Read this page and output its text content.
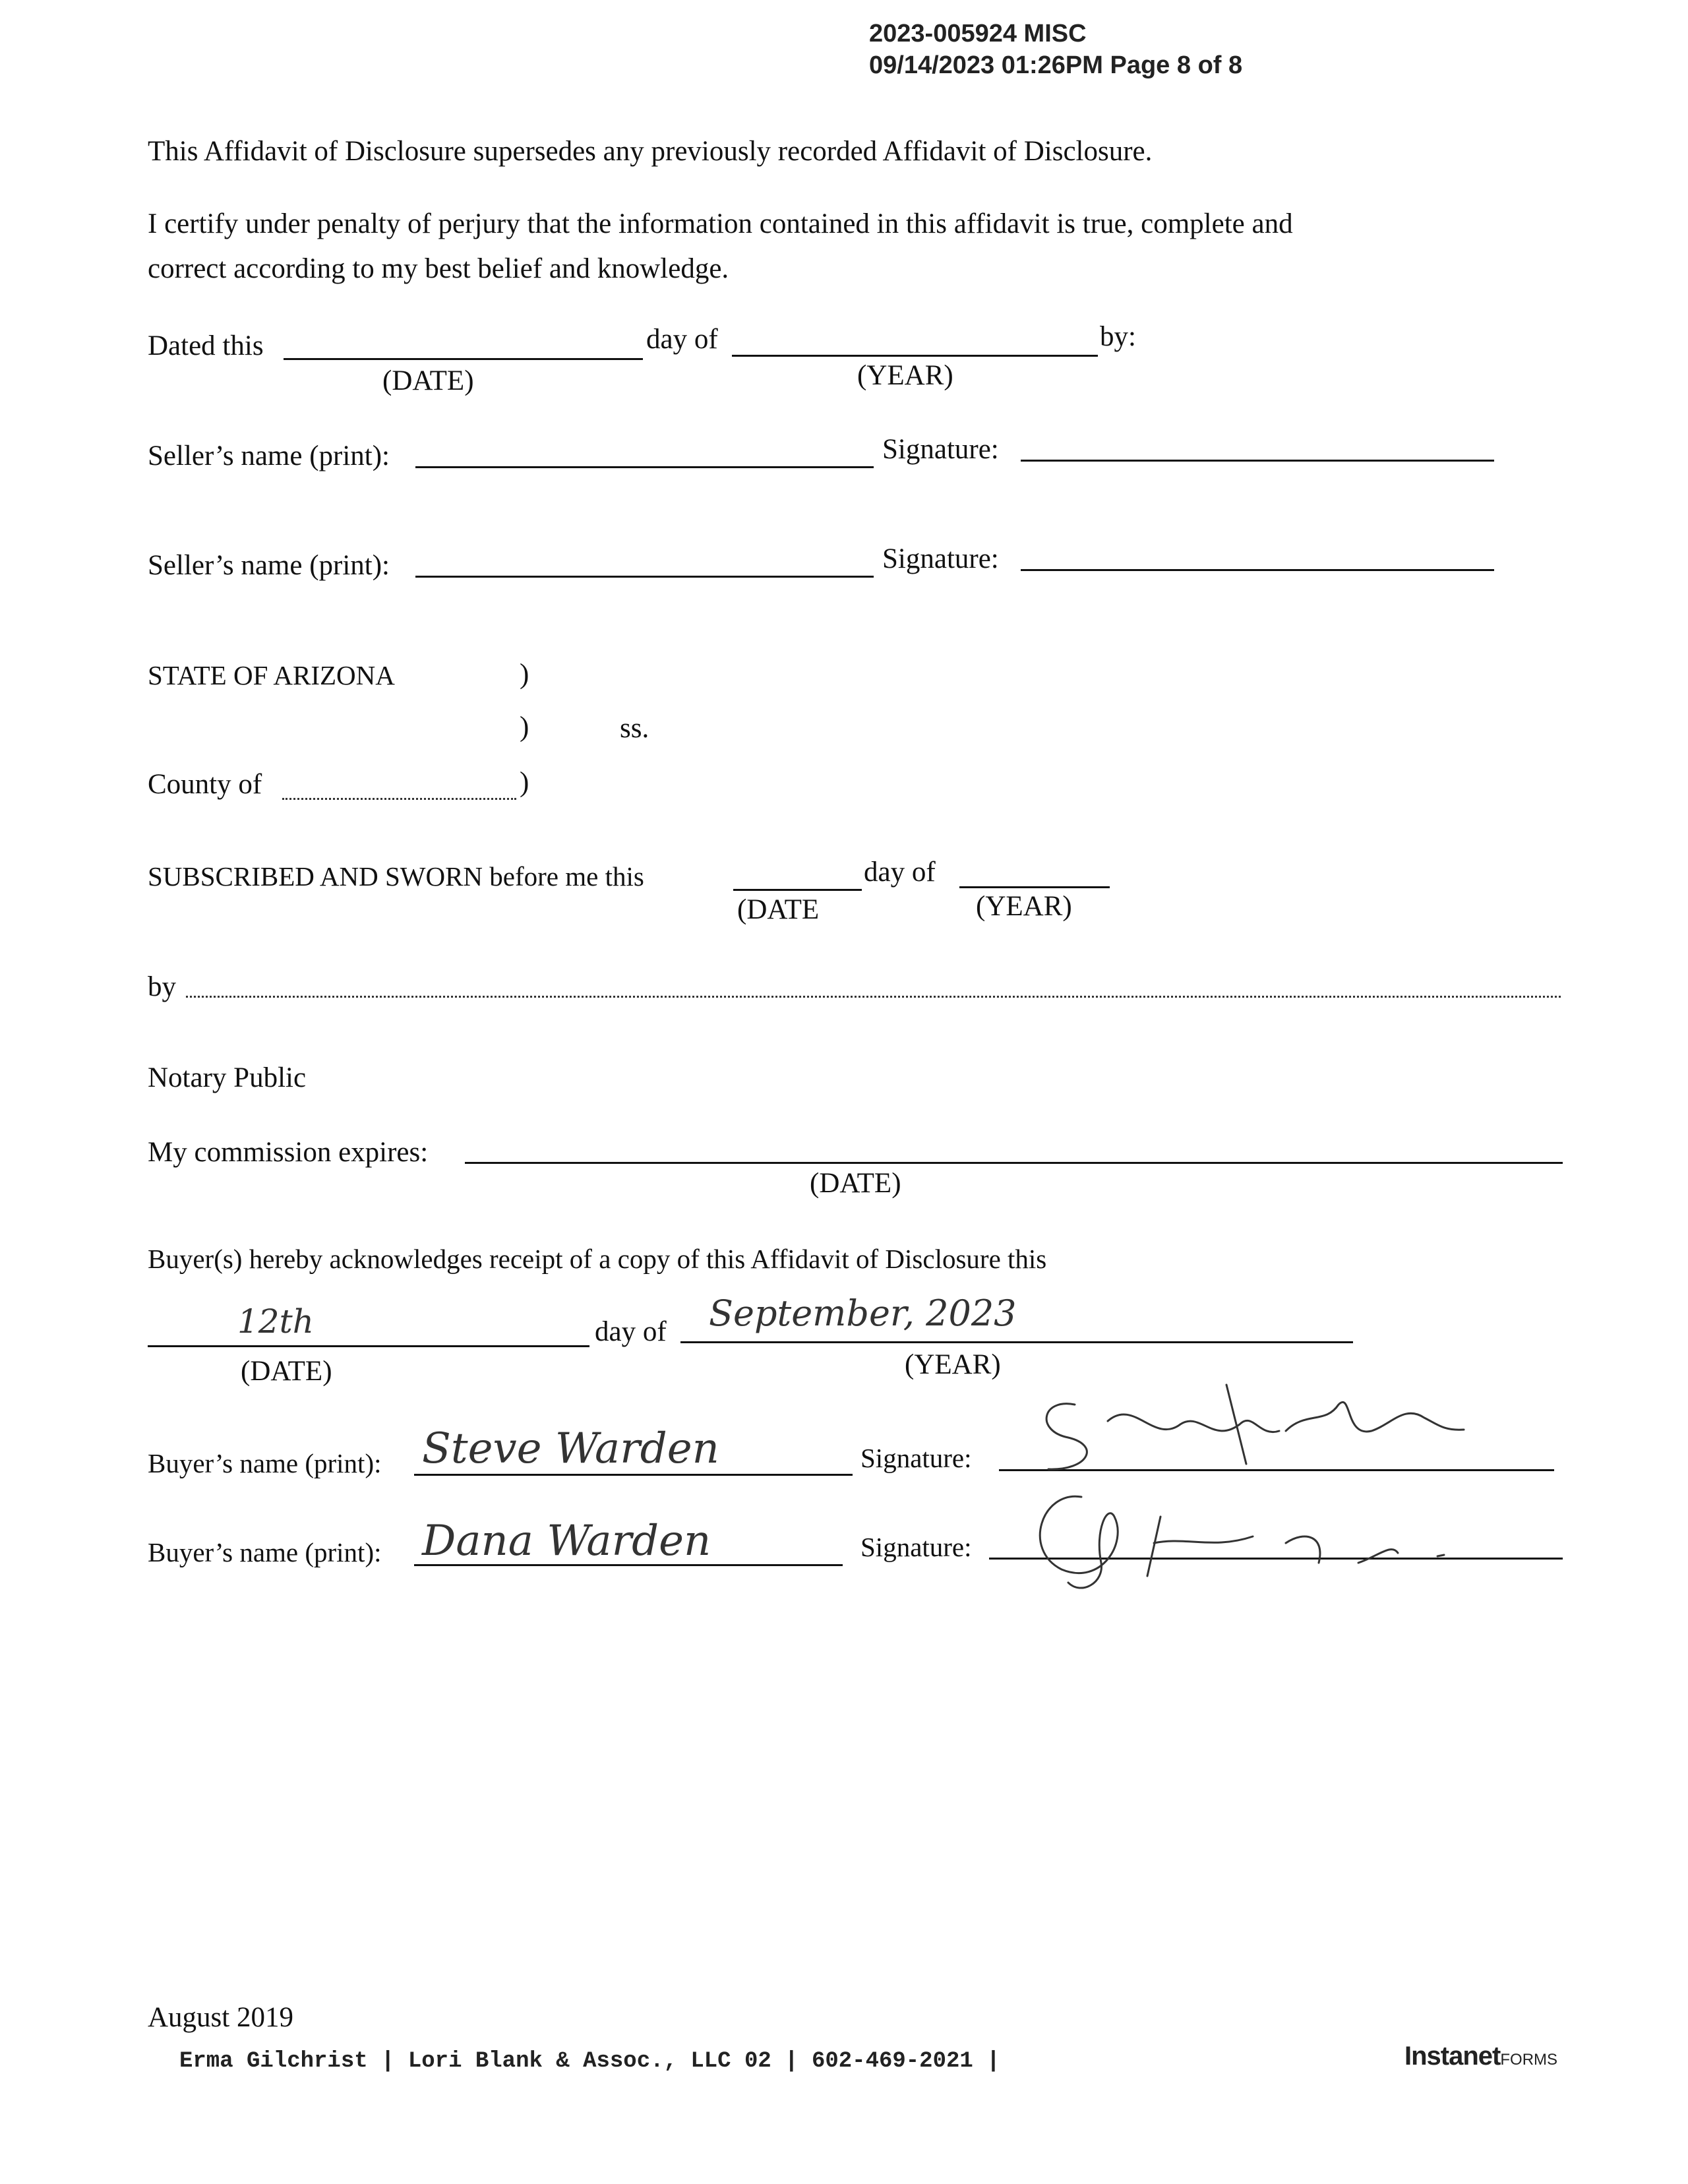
2023-005924 MISC
09/14/2023 01:26PM Page 8 of 8
This Affidavit of Disclosure supersedes any previously recorded Affidavit of Disclosure.
I certify under penalty of perjury that the information contained in this affidavit is true, complete and
correct according to my best belief and knowledge.
Dated this	day of	by:
(DATE)	(YEAR)
Seller’s name (print):	Signature:
Seller’s name (print):	Signature:
STATE OF ARIZONA	)
)	ss.
County of	)
SUBSCRIBED AND SWORN before me this	day of
(DATE	(YEAR)
by
Notary Public
My commission expires:
(DATE)
Buyer(s) hereby acknowledges receipt of a copy of this Affidavit of Disclosure this
12th	day of September, 2023
(DATE)	(YEAR)
Buyer’s name (print): Steve Warden	Signature:
Buyer’s name (print): Dana Warden	Signature:
August 2019
Erma Gilchrist | Lori Blank & Assoc., LLC 02 | 602-469-2021 |	InstanetFORMS
